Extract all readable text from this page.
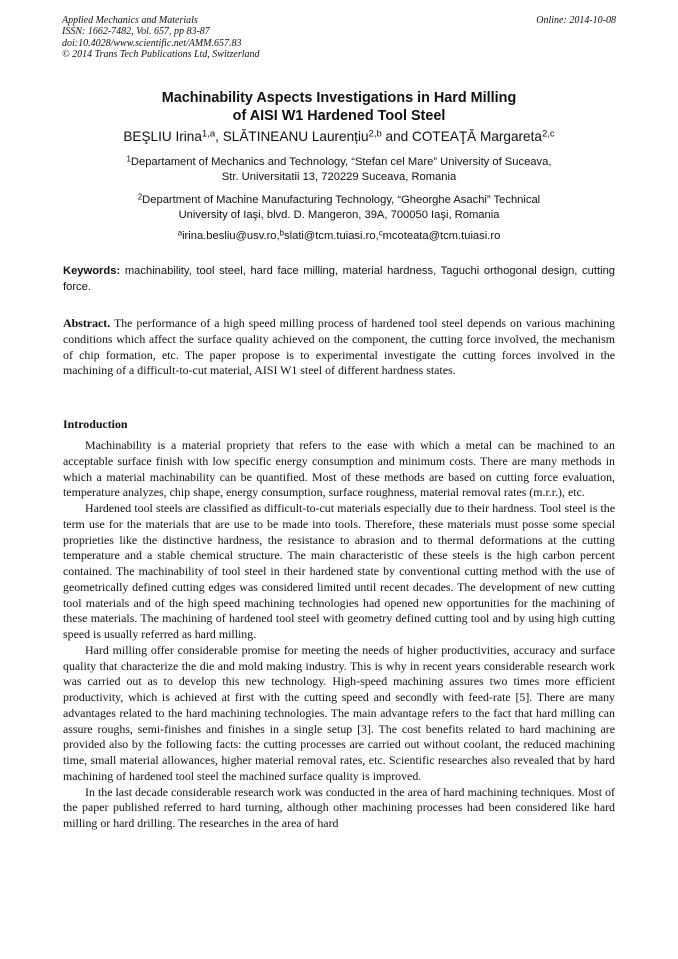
Applied Mechanics and Materials
ISSN: 1662-7482, Vol. 657, pp 83-87
doi:10.4028/www.scientific.net/AMM.657.83
© 2014 Trans Tech Publications Ltd, Switzerland
Online: 2014-10-08
Machinability Aspects Investigations in Hard Milling
of AISI W1 Hardened Tool Steel
BEŞLIU Irina$^{1,a}$, SLĂTINEANU Laurențiu$^{2,b}$ and COTEAŢĂ Margareta$^{2,c}$
$^1$Departament of Mechanics and Technology, “Stefan cel Mare” University of Suceava,
Str. Universitatii 13, 720229 Suceava, Romania
$^2$Department of Machine Manufacturing Technology, “Gheorghe Asachi” Technical
University of Iaşi, blvd. D. Mangeron, 39A, 700050 Iaşi, Romania
$^a$irina.besliu@usv.ro,$^b$slati@tcm.tuiasi.ro,$^c$mcoteata@tcm.tuiasi.ro
Keywords: machinability, tool steel, hard face milling, material hardness, Taguchi orthogonal design, cutting force.
Abstract. The performance of a high speed milling process of hardened tool steel depends on various machining conditions which affect the surface quality achieved on the component, the cutting force involved, the mechanism of chip formation, etc. The paper propose is to experimental investigate the cutting forces involved in the machining of a difficult-to-cut material, AISI W1 steel of different hardness states.
Introduction

Machinability is a material propriety that refers to the ease with which a metal can be machined to an acceptable surface finish with low specific energy consumption and minimum costs. There are many methods in which a material machinability can be quantified. Most of these methods are based on cutting force evaluation, temperature analyzes, chip shape, energy consumption, surface roughness, material removal rates (m.r.r.), etc.

Hardened tool steels are classified as difficult-to-cut materials especially due to their hardness. Tool steel is the term use for the materials that are use to be made into tools. Therefore, these materials must posse some special proprieties like the distinctive hardness, the resistance to abrasion and to thermal deformations at the cutting temperature and a stable chemical structure. The main characteristic of these steels is the high carbon percent contained. The machinability of tool steel in their hardened state by conventional cutting method with the use of geometrically defined cutting edges was considered limited until recent decades. The development of new cutting tool materials and of the high speed machining technologies had opened new opportunities for the machining of these materials. The machining of hardened tool steel with geometry defined cutting tool and by using high cutting speed is usually referred as hard milling.

Hard milling offer considerable promise for meeting the needs of higher productivities, accuracy and surface quality that characterize the die and mold making industry. This is why in recent years considerable research work was carried out as to develop this new technology. High-speed machining assures two times more efficient productivity, which is achieved at first with the cutting speed and secondly with feed-rate [5]. There are many advantages related to the hard machining technologies. The main advantage refers to the fact that hard milling can assure roughs, semi-finishes and finishes in a single setup [3]. The cost benefits related to hard machining are provided also by the following facts: the cutting processes are carried out without coolant, the reduced machining time, small material allowances, higher material removal rates, etc. Scientific researches also revealed that by hard machining of hardened tool steel the machined surface quality is improved.

In the last decade considerable research work was conducted in the area of hard machining techniques. Most of the paper published referred to hard turning, although other machining processes had been considered like hard milling or hard drilling. The researches in the area of hard
